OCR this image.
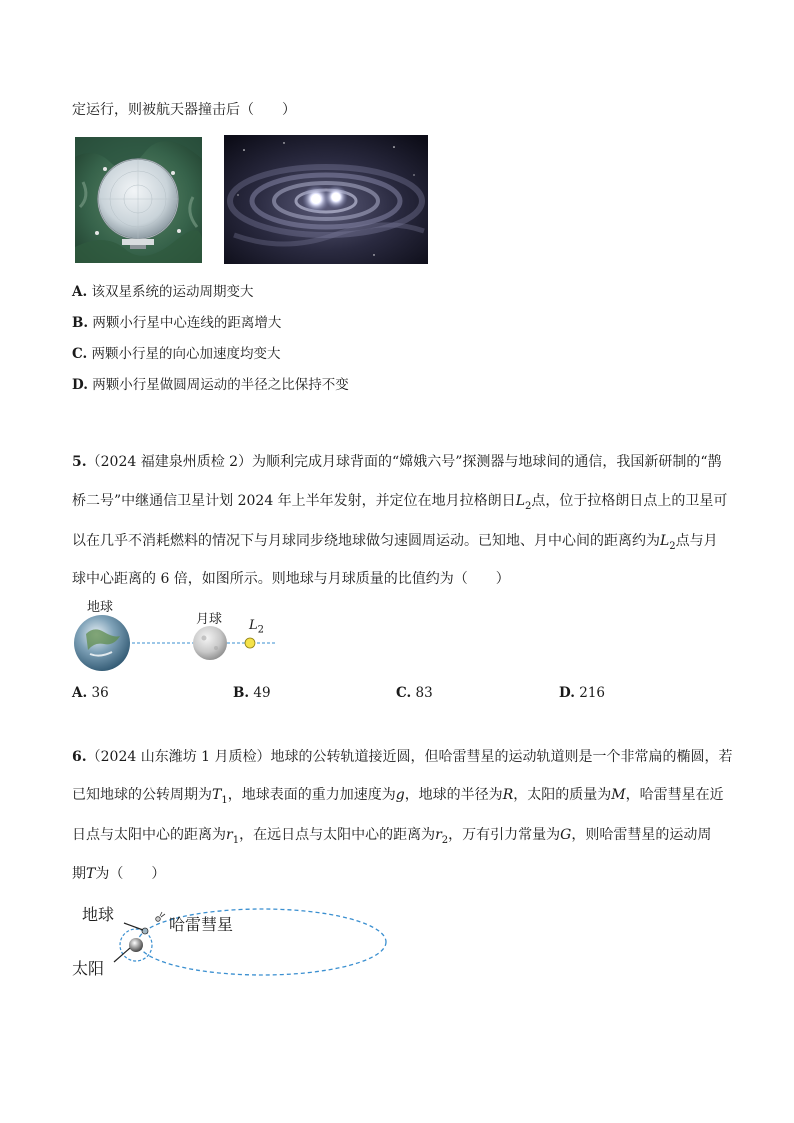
定运行，则被航天器撞击后（　　）
A. 该双星系统的运动周期变大
B. 两颗小行星中心连线的距离增大
C. 两颗小行星的向心加速度均变大
D. 两颗小行星做圆周运动的半径之比保持不变
5.（2024 福建泉州质检 2）为顺利完成月球背面的“嫦娥六号”探测器与地球间的通信，我国新研制的“鹊
桥二号”中继通信卫星计划 2024 年上半年发射，并定位在地月拉格朗日$L_2$点，位于拉格朗日点上的卫星可
以在几乎不消耗燃料的情况下与月球同步绕地球做匀速圆周运动。已知地、月中心间的距离约为$L_2$点与月
球中心距离的 6 倍，如图所示。则地球与月球质量的比值约为（　　）
地球
月球 $L_2$
A. 36	B. 49	C. 83	D. 216
6.（2024 山东潍坊 1 月质检）地球的公转轨道接近圆，但哈雷彗星的运动轨道则是一个非常扁的椭圆，若
已知地球的公转周期为$T_1$，地球表面的重力加速度为g，地球的半径为R，太阳的质量为M，哈雷彗星在近
日点与太阳中心的距离为$r_1$，在远日点与太阳中心的距离为$r_2$，万有引力常量为G，则哈雷彗星的运动周
期T为（　　）
地球
哈雷彗星
太阳
